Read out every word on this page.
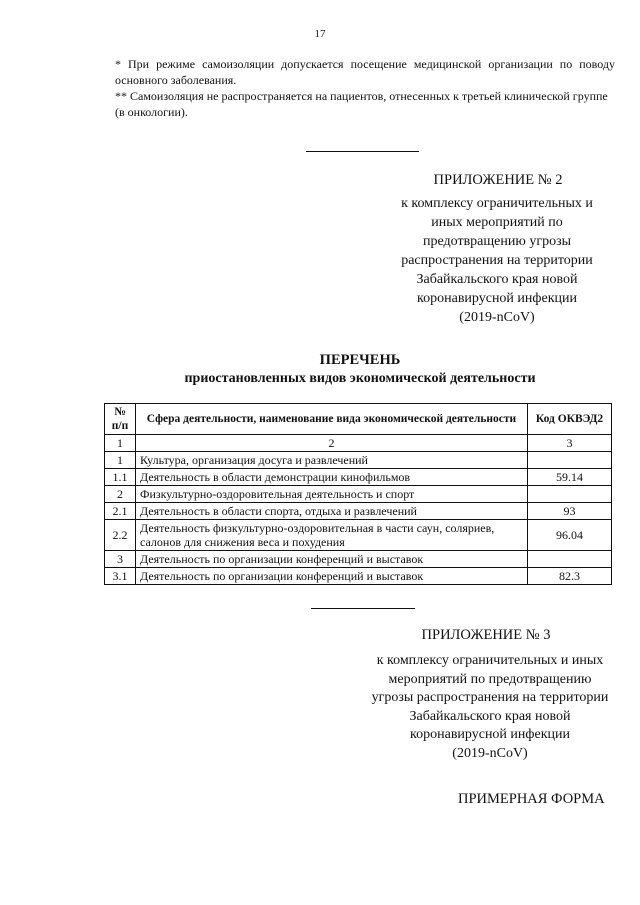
17

* При режиме самоизоляции допускается посещение медицинской организации по поводу основного заболевания.

** Самоизоляция не распространяется на пациентов, отнесенных к третьей клинической группе (в онкологии).

ПРИЛОЖЕНИЕ № 2
к комплексу ограничительных и
иных мероприятий по
предотвращению угрозы
распространения на территории
Забайкальского края новой
коронавирусной инфекции
(2019-nCoV)
ПЕРЕЧЕНЬ
приостановленных видов экономической деятельности
№ п/п	Сфера деятельности, наименование вида экономической деятельности	Код ОКВЭД2
1	2	3
1	Культура, организация досуга и развлечений	
1.1	Деятельность в области демонстрации кинофильмов	59.14
2	Физкультурно-оздоровительная деятельность и спорт	
2.1	Деятельность в области спорта, отдыха и развлечений	93
2.2	Деятельность физкультурно-оздоровительная в части саун, соляриев, салонов для снижения веса и похудения	96.04
3	Деятельность по организации конференций и выставок	
3.1	Деятельность по организации конференций и выставок	82.3
ПРИЛОЖЕНИЕ № 3
к комплексу ограничительных и иных
мероприятий по предотвращению
угрозы распространения на территории
Забайкальского края новой
коронавирусной инфекции
(2019-nCoV)
ПРИМЕРНАЯ ФОРМА
